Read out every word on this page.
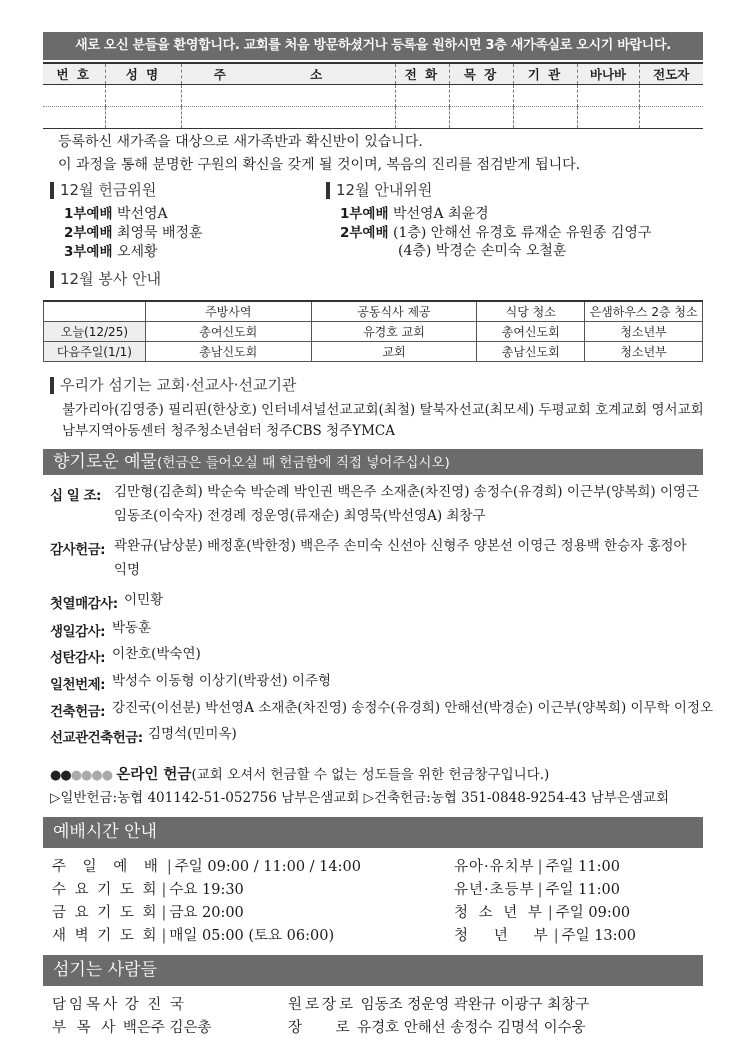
새로 오신 분들을 환영합니다. 교회를 처음 방문하셨거나 등록을 원하시면 3층 새가족실로 오시기 바랍니다.
번 호	성 명	주 소	전 화	목 장	기 관	바나바	전도자

등록하신 새가족을 대상으로 새가족반과 확신반이 있습니다.
이 과정을 통해 분명한 구원의 확신을 갖게 될 것이며, 복음의 진리를 점검받게 됩니다.
12월 헌금위원
1부예배 박선영A
2부예배 최영묵 배정훈
3부예배 오세황
12월 안내위원
1부예배 박선영A 최윤경
2부예배 (1층) 안해선 유경호 류재순 유원종 김영구
(4층) 박경순 손미숙 오철훈
12월 봉사 안내
	주방사역	공동식사 제공	식당 청소	은샘하우스 2층 청소
오늘(12/25)	총여신도회	유경호 교회	총여신도회	청소년부
다음주일(1/1)	총남신도회	교회	총남신도회	청소년부
우리가 섬기는 교회·선교사·선교기관
불가리아(김영중) 필리핀(한상호) 인터네셔널선교교회(최철) 탈북자선교(최모세) 두평교회 호계교회 영서교회
남부지역아동센터 청주청소년쉼터 청주CBS 청주YMCA
향기로운 예물(헌금은 들어오실 때 헌금함에 직접 넣어주십시오)
십 일 조: 김만형(김춘희) 박순숙 박순례 박인권 백은주 소재춘(차진영) 송정수(유경희) 이근부(양복희) 이영근
임동조(이숙자) 전경례 정운영(류재순) 최영묵(박선영A) 최창구
감사헌금: 곽완규(남상분) 배정훈(박한정) 백은주 손미숙 신선아 신형주 양본선 이영근 정용백 한승자 홍정아
익명
첫열매감사: 이민황
생일감사: 박동훈
성탄감사: 이찬호(박숙연)
일천번제: 박성수 이동형 이상기(박광선) 이주형
건축헌금: 강진국(이선분) 박선영A 소재춘(차진영) 송정수(유경희) 안해선(박경순) 이근부(양복희) 이무학 이정오
선교관건축헌금: 김명석(민미옥)
●●●●●● 온라인 헌금(교회 오셔서 헌금할 수 없는 성도들을 위한 헌금창구입니다.)
▷일반헌금:농협 401142-51-052756 남부은샘교회 ▷건축헌금:농협 351-0848-9254-43 남부은샘교회
예배시간 안내
주 일 예 배 | 주일 09:00 / 11:00 / 14:00
수 요 기 도 회 | 수요 19:30
금 요 기 도 회 | 금요 20:00
새 벽 기 도 회 | 매일 05:00 (토요 06:00)
유아·유치부 | 주일 11:00
유년·초등부 | 주일 11:00
청 소 년 부 | 주일 09:00
청   년   부 | 주일 13:00
섬기는 사람들
담임목사 강 진 국
부 목 사 백은주 김은총
원로장로 임동조 정운영 곽완규 이광구 최창구
장    로 유경호 안해선 송정수 김명석 이수웅
